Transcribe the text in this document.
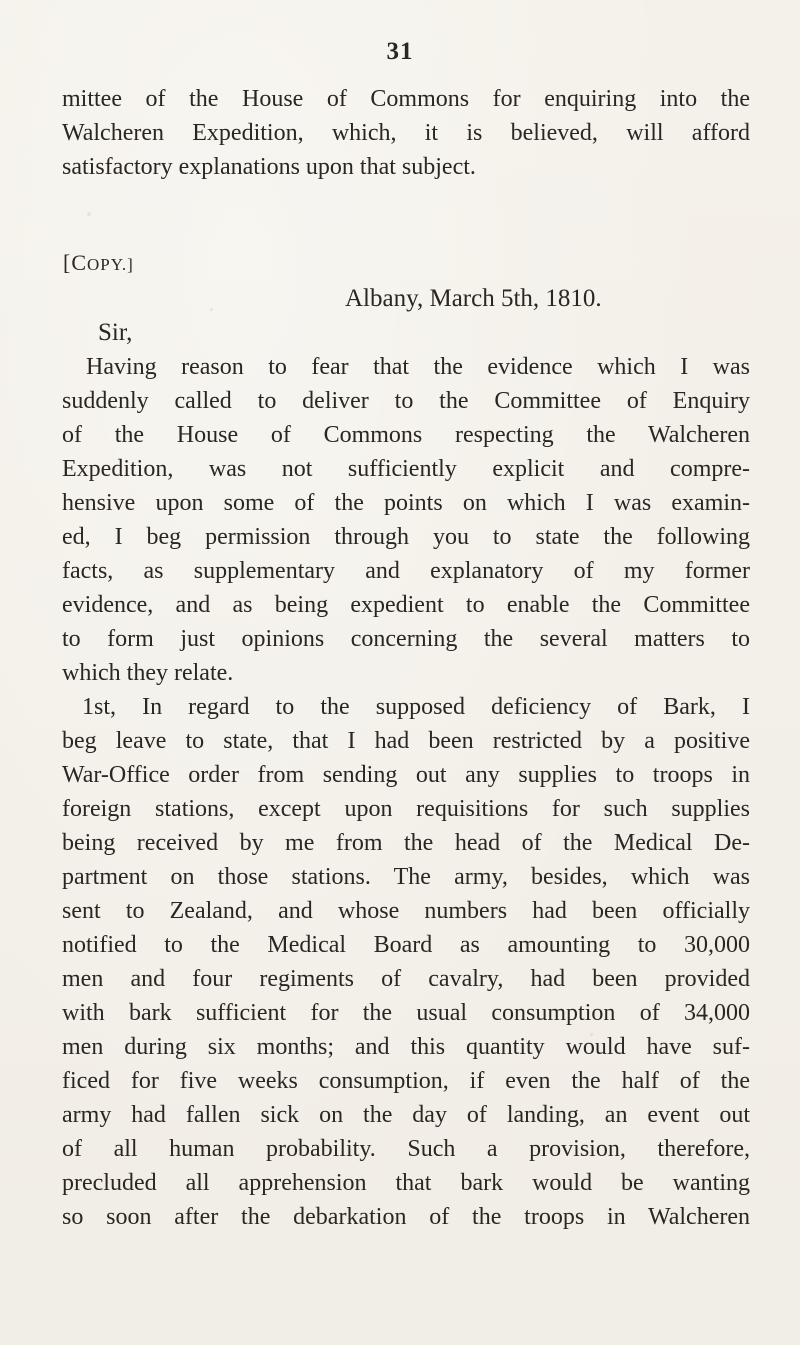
31
mittee of the House of Commons for enquiring into the
Walcheren Expedition, which, it is believed, will afford
satisfactory explanations upon that subject.
[COPY.]
Albany, March 5th, 1810.
Sir,
Having reason to fear that the evidence which I was
suddenly called to deliver to the Committee of Enquiry
of the House of Commons respecting the Walcheren
Expedition, was not sufficiently explicit and compre-
hensive upon some of the points on which I was examin-
ed, I beg permission through you to state the following
facts, as supplementary and explanatory of my former
evidence, and as being expedient to enable the Committee
to form just opinions concerning the several matters to
which they relate.
1st, In regard to the supposed deficiency of Bark, I
beg leave to state, that I had been restricted by a positive
War-Office order from sending out any supplies to troops in
foreign stations, except upon requisitions for such supplies
being received by me from the head of the Medical De-
partment on those stations. The army, besides, which was
sent to Zealand, and whose numbers had been officially
notified to the Medical Board as amounting to 30,000
men and four regiments of cavalry, had been provided
with bark sufficient for the usual consumption of 34,000
men during six months; and this quantity would have suf-
ficed for five weeks consumption, if even the half of the
army had fallen sick on the day of landing, an event out
of all human probability. Such a provision, therefore,
precluded all apprehension that bark would be wanting
so soon after the debarkation of the troops in Walcheren
